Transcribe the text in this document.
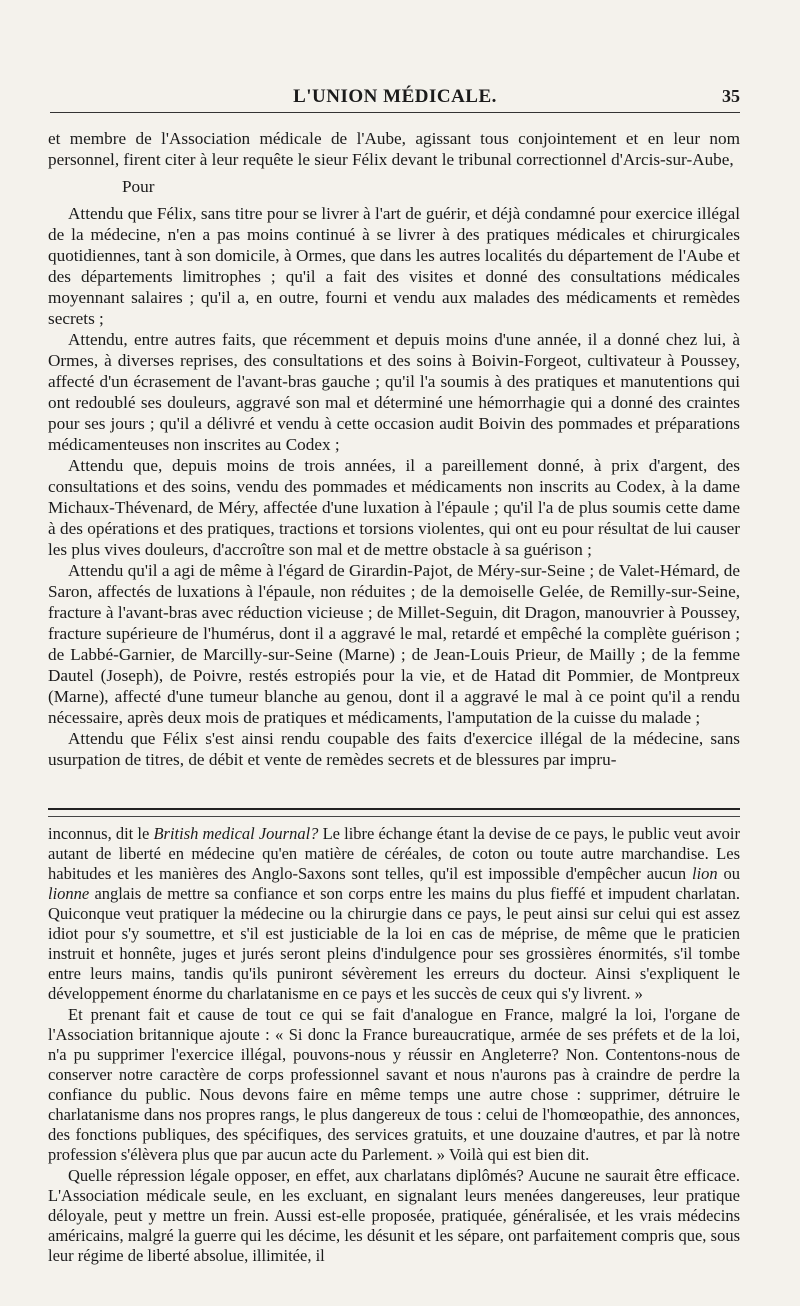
L'UNION MÉDICALE.	35

et membre de l'Association médicale de l'Aube, agissant tous conjointement et en leur nom personnel, firent citer à leur requête le sieur Félix devant le tribunal correctionnel d'Arcis-sur-Aube,

Pour

Attendu que Félix, sans titre pour se livrer à l'art de guérir, et déjà condamné pour exercice illégal de la médecine, n'en a pas moins continué à se livrer à des pratiques médicales et chirurgicales quotidiennes, tant à son domicile, à Ormes, que dans les autres localités du département de l'Aube et des départements limitrophes ; qu'il a fait des visites et donné des consultations médicales moyennant salaires ; qu'il a, en outre, fourni et vendu aux malades des médicaments et remèdes secrets ;

Attendu, entre autres faits, que récemment et depuis moins d'une année, il a donné chez lui, à Ormes, à diverses reprises, des consultations et des soins à Boivin-Forgeot, cultivateur à Poussey, affecté d'un écrasement de l'avant-bras gauche ; qu'il l'a soumis à des pratiques et manutentions qui ont redoublé ses douleurs, aggravé son mal et déterminé une hémorrhagie qui a donné des craintes pour ses jours ; qu'il a délivré et vendu à cette occasion audit Boivin des pommades et préparations médicamenteuses non inscrites au Codex ;

Attendu que, depuis moins de trois années, il a pareillement donné, à prix d'argent, des consultations et des soins, vendu des pommades et médicaments non inscrits au Codex, à la dame Michaux-Thévenard, de Méry, affectée d'une luxation à l'épaule ; qu'il l'a de plus soumis cette dame à des opérations et des pratiques, tractions et torsions violentes, qui ont eu pour résultat de lui causer les plus vives douleurs, d'accroître son mal et de mettre obstacle à sa guérison ;

Attendu qu'il a agi de même à l'égard de Girardin-Pajot, de Méry-sur-Seine ; de Valet-Hémard, de Saron, affectés de luxations à l'épaule, non réduites ; de la demoiselle Gelée, de Remilly-sur-Seine, fracture à l'avant-bras avec réduction vicieuse ; de Millet-Seguin, dit Dragon, manouvrier à Poussey, fracture supérieure de l'humérus, dont il a aggravé le mal, retardé et empêché la complète guérison ; de Labbé-Garnier, de Marcilly-sur-Seine (Marne) ; de Jean-Louis Prieur, de Mailly ; de la femme Dautel (Joseph), de Poivre, restés estropiés pour la vie, et de Hatad dit Pommier, de Montpreux (Marne), affecté d'une tumeur blanche au genou, dont il a aggravé le mal à ce point qu'il a rendu nécessaire, après deux mois de pratiques et médicaments, l'amputation de la cuisse du malade ;

Attendu que Félix s'est ainsi rendu coupable des faits d'exercice illégal de la médecine, sans usurpation de titres, de débit et vente de remèdes secrets et de blessures par impru-

inconnus, dit le British medical Journal? Le libre échange étant la devise de ce pays, le public veut avoir autant de liberté en médecine qu'en matière de céréales, de coton ou toute autre marchandise. Les habitudes et les manières des Anglo-Saxons sont telles, qu'il est impossible d'empêcher aucun lion ou lionne anglais de mettre sa confiance et son corps entre les mains du plus fieffé et impudent charlatan. Quiconque veut pratiquer la médecine ou la chirurgie dans ce pays, le peut ainsi sur celui qui est assez idiot pour s'y soumettre, et s'il est justiciable de la loi en cas de méprise, de même que le praticien instruit et honnête, juges et jurés seront pleins d'indulgence pour ses grossières énormités, s'il tombe entre leurs mains, tandis qu'ils puniront sévèrement les erreurs du docteur. Ainsi s'expliquent le développement énorme du charlatanisme en ce pays et les succès de ceux qui s'y livrent. »

Et prenant fait et cause de tout ce qui se fait d'analogue en France, malgré la loi, l'organe de l'Association britannique ajoute : « Si donc la France bureaucratique, armée de ses préfets et de la loi, n'a pu supprimer l'exercice illégal, pouvons-nous y réussir en Angleterre? Non. Contentons-nous de conserver notre caractère de corps professionnel savant et nous n'aurons pas à craindre de perdre la confiance du public. Nous devons faire en même temps une autre chose : supprimer, détruire le charlatanisme dans nos propres rangs, le plus dangereux de tous : celui de l'homœopathie, des annonces, des fonctions publiques, des spécifiques, des services gratuits, et une douzaine d'autres, et par là notre profession s'élèvera plus que par aucun acte du Parlement. » Voilà qui est bien dit.

Quelle répression légale opposer, en effet, aux charlatans diplômés? Aucune ne saurait être efficace. L'Association médicale seule, en les excluant, en signalant leurs menées dangereuses, leur pratique déloyale, peut y mettre un frein. Aussi est-elle proposée, pratiquée, généralisée, et les vrais médecins américains, malgré la guerre qui les décime, les désunit et les sépare, ont parfaitement compris que, sous leur régime de liberté absolue, illimitée, il
